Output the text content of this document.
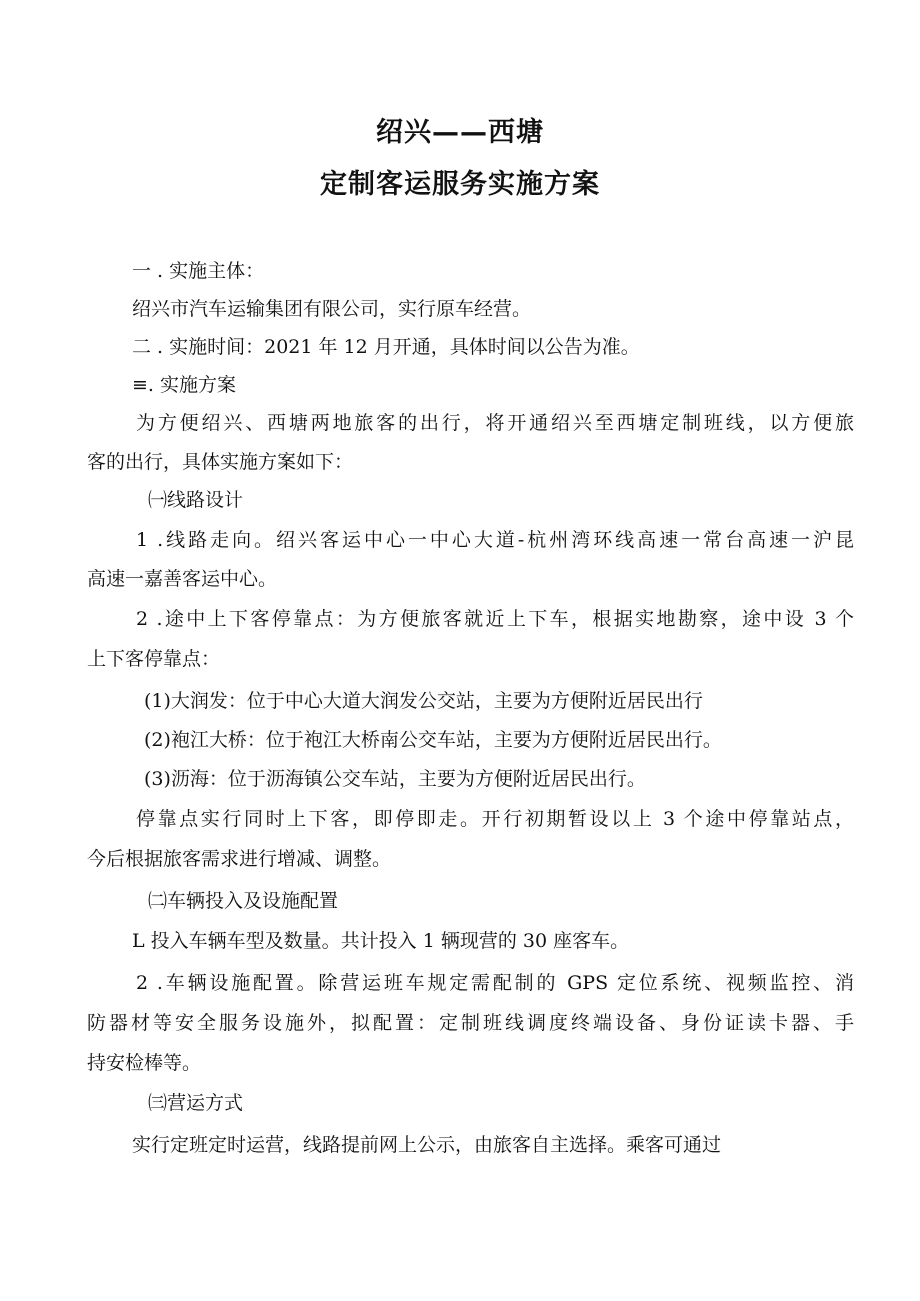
绍兴——西塘
定制客运服务实施方案
一 . 实施主体：
绍兴市汽车运输集团有限公司，实行原车经营。
二 . 实施时间：2021 年 12 月开通，具体时间以公告为准。
≡. 实施方案
为方便绍兴、西塘两地旅客的出行，将开通绍兴至西塘定制班线，以方便旅
客的出行，具体实施方案如下：
㈠线路设计
1 .线路走向。绍兴客运中心一中心大道-杭州湾环线高速一常台高速一沪昆
高速一嘉善客运中心。
2 .途中上下客停靠点：为方便旅客就近上下车，根据实地勘察，途中设 3 个
上下客停靠点：
(1)大润发：位于中心大道大润发公交站，主要为方便附近居民出行
(2)袍江大桥：位于袍江大桥南公交车站，主要为方便附近居民出行。
(3)沥海：位于沥海镇公交车站，主要为方便附近居民出行。
停靠点实行同时上下客，即停即走。开行初期暂设以上 3 个途中停靠站点，
今后根据旅客需求进行增减、调整。
㈡车辆投入及设施配置
L 投入车辆车型及数量。共计投入 1 辆现营的 30 座客车。
2 .车辆设施配置。除营运班车规定需配制的 GPS 定位系统、视频监控、消
防器材等安全服务设施外，拟配置：定制班线调度终端设备、身份证读卡器、手
持安检棒等。
㈢营运方式
实行定班定时运营，线路提前网上公示，由旅客自主选择。乘客可通过
